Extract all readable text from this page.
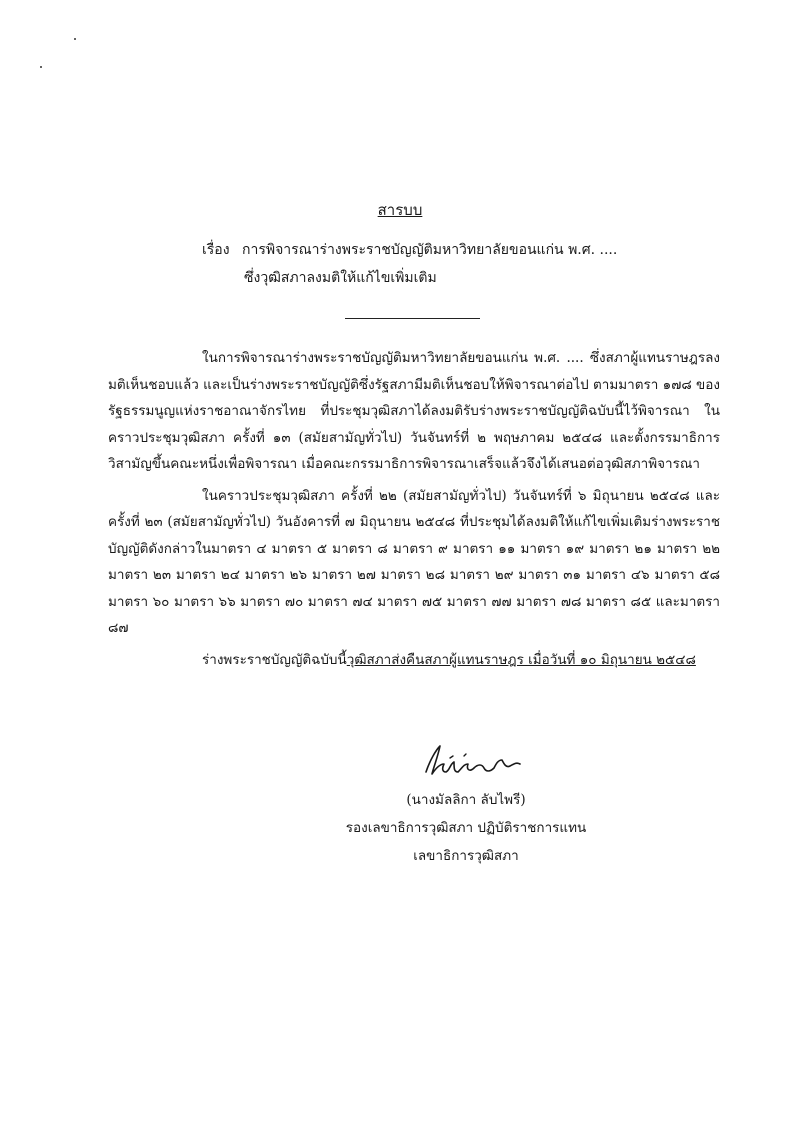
สารบบ
เรื่อง การพิจารณาร่างพระราชบัญญัติมหาวิทยาลัยขอนแก่น พ.ศ. ....
ซึ่งวุฒิสภาลงมติให้แก้ไขเพิ่มเติม

ในการพิจารณาร่างพระราชบัญญัติมหาวิทยาลัยขอนแก่น พ.ศ. .... ซึ่งสภาผู้แทนราษฎรลงมติเห็นชอบแล้ว และเป็นร่างพระราชบัญญัติซึ่งรัฐสภามีมติเห็นชอบให้พิจารณาต่อไป ตามมาตรา ๑๗๘ ของรัฐธรรมนูญแห่งราชอาณาจักรไทย ที่ประชุมวุฒิสภาได้ลงมติรับร่างพระราชบัญญัติฉบับนี้ไว้พิจารณา ในคราวประชุมวุฒิสภา ครั้งที่ ๑๓ (สมัยสามัญทั่วไป) วันจันทร์ที่ ๒ พฤษภาคม ๒๕๔๘ และตั้งกรรมาธิการวิสามัญขึ้นคณะหนึ่งเพื่อพิจารณา เมื่อคณะกรรมาธิการพิจารณาเสร็จแล้วจึงได้เสนอต่อวุฒิสภาพิจารณา

ในคราวประชุมวุฒิสภา ครั้งที่ ๒๒ (สมัยสามัญทั่วไป) วันจันทร์ที่ ๖ มิถุนายน ๒๕๔๘ และครั้งที่ ๒๓ (สมัยสามัญทั่วไป) วันอังคารที่ ๗ มิถุนายน ๒๕๔๘ ที่ประชุมได้ลงมติให้แก้ไขเพิ่มเติมร่างพระราชบัญญัติดังกล่าวในมาตรา ๔ มาตรา ๕ มาตรา ๘ มาตรา ๙ มาตรา ๑๑ มาตรา ๑๙ มาตรา ๒๑ มาตรา ๒๒ มาตรา ๒๓ มาตรา ๒๔ มาตรา ๒๖ มาตรา ๒๗ มาตรา ๒๘ มาตรา ๒๙ มาตรา ๓๑ มาตรา ๔๖ มาตรา ๕๘ มาตรา ๖๐ มาตรา ๖๖ มาตรา ๗๐ มาตรา ๗๔ มาตรา ๗๕ มาตรา ๗๗ มาตรา ๗๘ มาตรา ๘๕ และมาตรา ๘๗

ร่างพระราชบัญญัติฉบับนี้วุฒิสภาส่งคืนสภาผู้แทนราษฎร เมื่อวันที่ ๑๐ มิถุนายน ๒๕๔๘

(นางมัลลิกา ลับไพรี)
รองเลขาธิการวุฒิสภา ปฏิบัติราชการแทน
เลขาธิการวุฒิสภา
